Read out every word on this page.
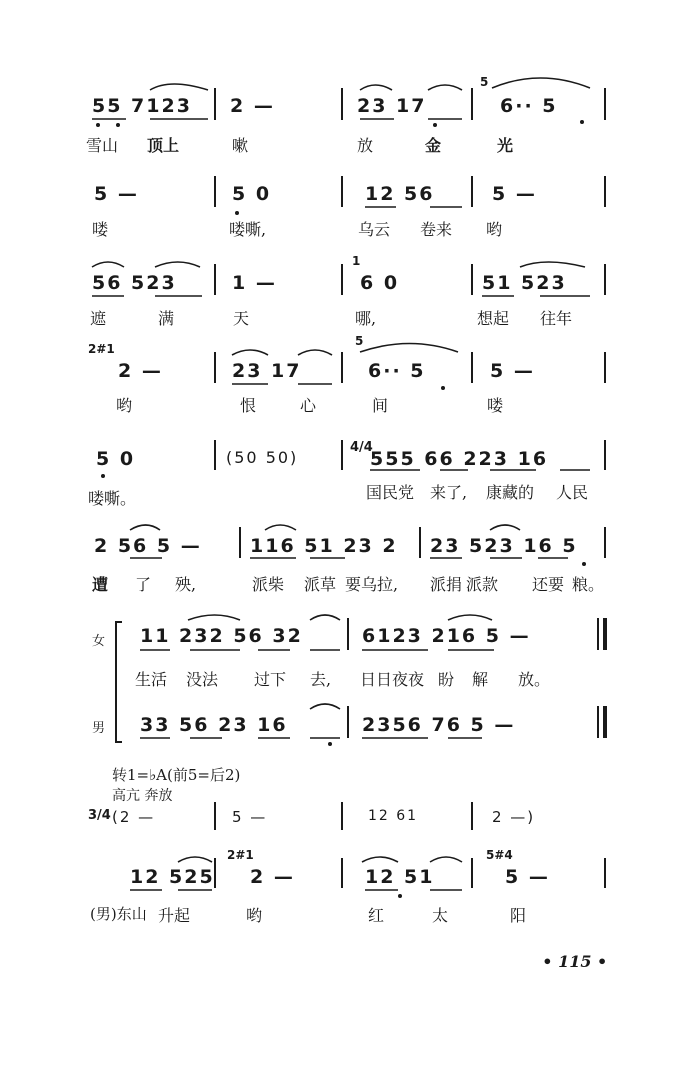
55 7123 2 —	23 17	6·· 5
5
雪山 顶上	嗽	放	金	光
5 —	5 0	12 56	5 —
喽	喽嘶,	乌云 卷来 哟
56 523	1 —	6 0	51 523
1
遮	满	天	哪,	想起 往年
2 —	23 17	6·· 5	5 —
2#1
5
哟	恨	心	间	喽
5 0	(50 50)	555 66 223 16
4/4
喽嘶。	国民党 来了, 康藏的 人民
2 56 5 —	116 51 23 2 23 523 16 5
遭 了 殃,	派柴 派草 要乌拉, 派捐 派款 还要 粮。
女
男
11 232 56 32	6123 216 5 —
33 56 23 16	2356 76 5 —
生活 没法 过下 去, 日日夜夜 盼 解 放。
转1=♭A(前5=后2)
高亢 奔放
3/4 (2 —	5 —	12 61	2 —)
12 525 2 —	12 51	5 —
2#1	5#4
(男)东山 升起	哟	红	太	阳

• 115 •
